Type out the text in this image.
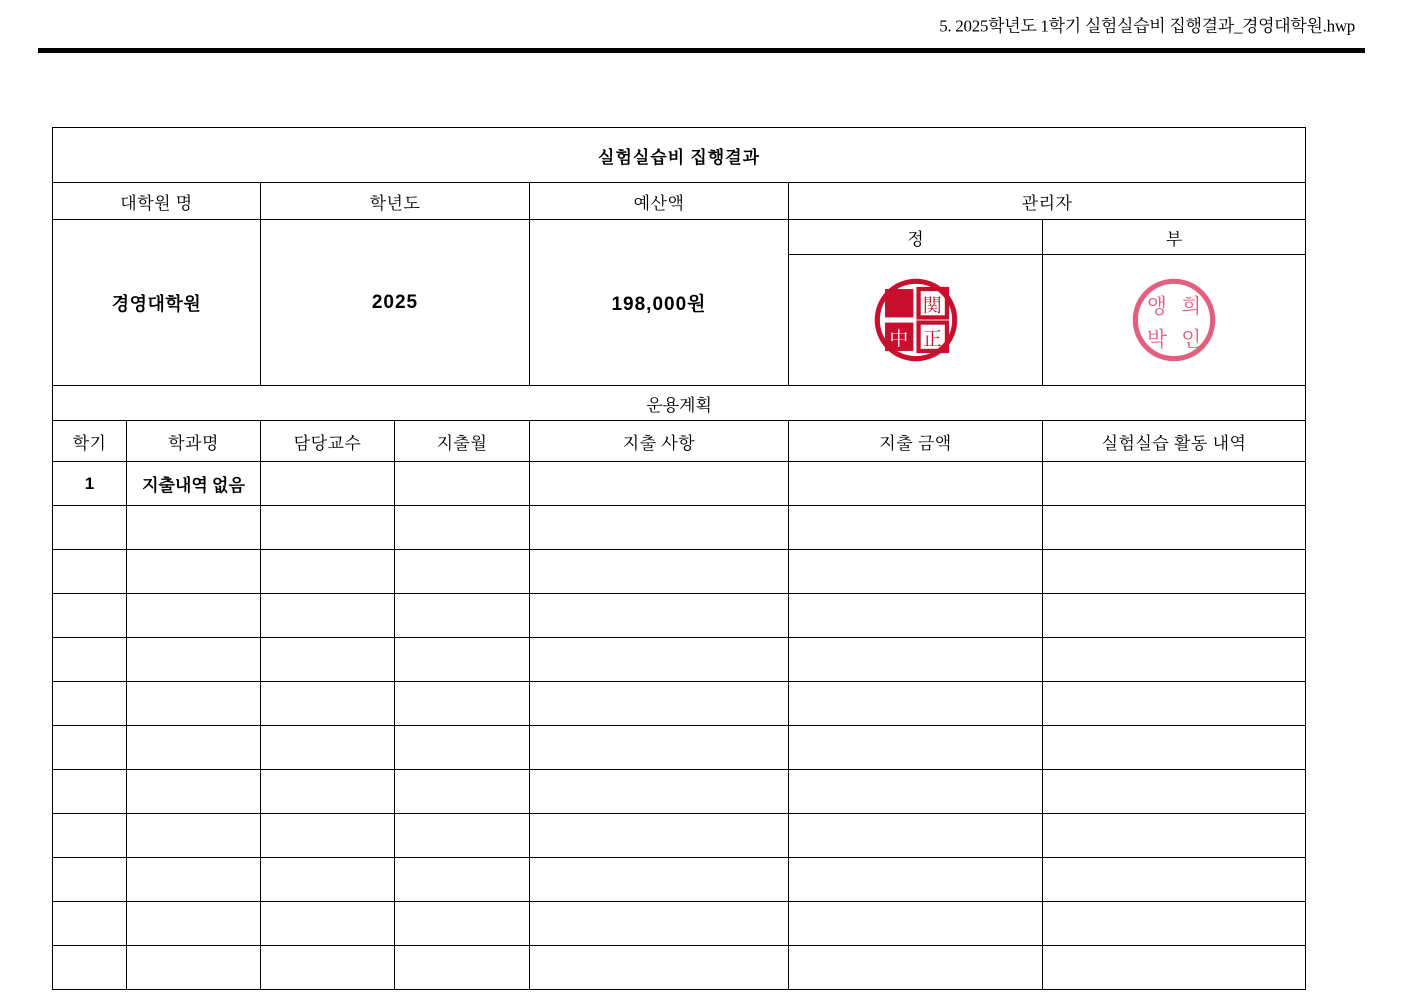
5. 2025학년도 1학기 실험실습비 집행결과_경영대학원.hwp
실험실습비 집행결과						
대학원 명		학년도		예산액	관리자	
경영대학원		2025		198,000원	정	부

関
中 正	앵 희
박 인

운용계획						
학기	학과명	담당교수	지출월	지출 사항	지출 금액	실험실습 활동 내역
1	지출내역 없음					
